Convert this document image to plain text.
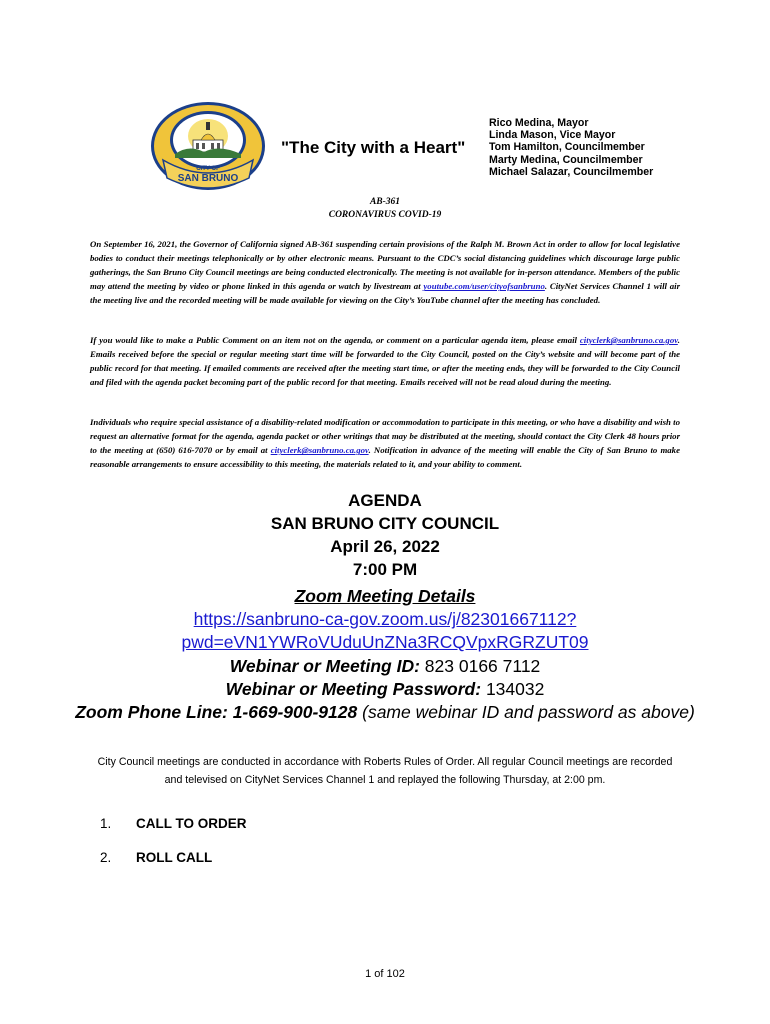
CITY OF
SAN BRUNO
"The City with a Heart"
Rico Medina, Mayor
Linda Mason, Vice Mayor
Tom Hamilton, Councilmember
Marty Medina, Councilmember
Michael Salazar, Councilmember
AB-361
CORONAVIRUS COVID-19

On September 16, 2021, the Governor of California signed AB-361 suspending certain provisions of the Ralph M. Brown Act in order to allow for local legislative bodies to conduct their meetings telephonically or by other electronic means. Pursuant to the CDC’s social distancing guidelines which discourage large public gatherings, the San Bruno City Council meetings are being conducted electronically. The meeting is not available for in-person attendance. Members of the public may attend the meeting by video or phone linked in this agenda or watch by livestream at youtube.com/user/cityofsanbruno. CityNet Services Channel 1 will air the meeting live and the recorded meeting will be made available for viewing on the City’s YouTube channel after the meeting has concluded.

If you would like to make a Public Comment on an item not on the agenda, or comment on a particular agenda item, please email cityclerk@sanbruno.ca.gov. Emails received before the special or regular meeting start time will be forwarded to the City Council, posted on the City’s website and will become part of the public record for that meeting. If emailed comments are received after the meeting start time, or after the meeting ends, they will be forwarded to the City Council and filed with the agenda packet becoming part of the public record for that meeting. Emails received will not be read aloud during the meeting.

Individuals who require special assistance of a disability-related modification or accommodation to participate in this meeting, or who have a disability and wish to request an alternative format for the agenda, agenda packet or other writings that may be distributed at the meeting, should contact the City Clerk 48 hours prior to the meeting at (650) 616-7070 or by email at cityclerk@sanbruno.ca.gov. Notification in advance of the meeting will enable the City of San Bruno to make reasonable arrangements to ensure accessibility to this meeting, the materials related to it, and your ability to comment.

AGENDA
SAN BRUNO CITY COUNCIL
April 26, 2022
7:00 PM
Zoom Meeting Details
https://sanbruno-ca-gov.zoom.us/j/82301667112?
pwd=eVN1YWRoVUduUnZNa3RCQVpxRGRZUT09
Webinar or Meeting ID: 823 0166 7112
Webinar or Meeting Password: 134032
Zoom Phone Line: 1-669-900-9128 (same webinar ID and password as above)
City Council meetings are conducted in accordance with Roberts Rules of Order. All regular Council meetings are recorded and televised on CityNet Services Channel 1 and replayed the following Thursday, at 2:00 pm.
1. CALL TO ORDER
2. ROLL CALL
1 of 102
